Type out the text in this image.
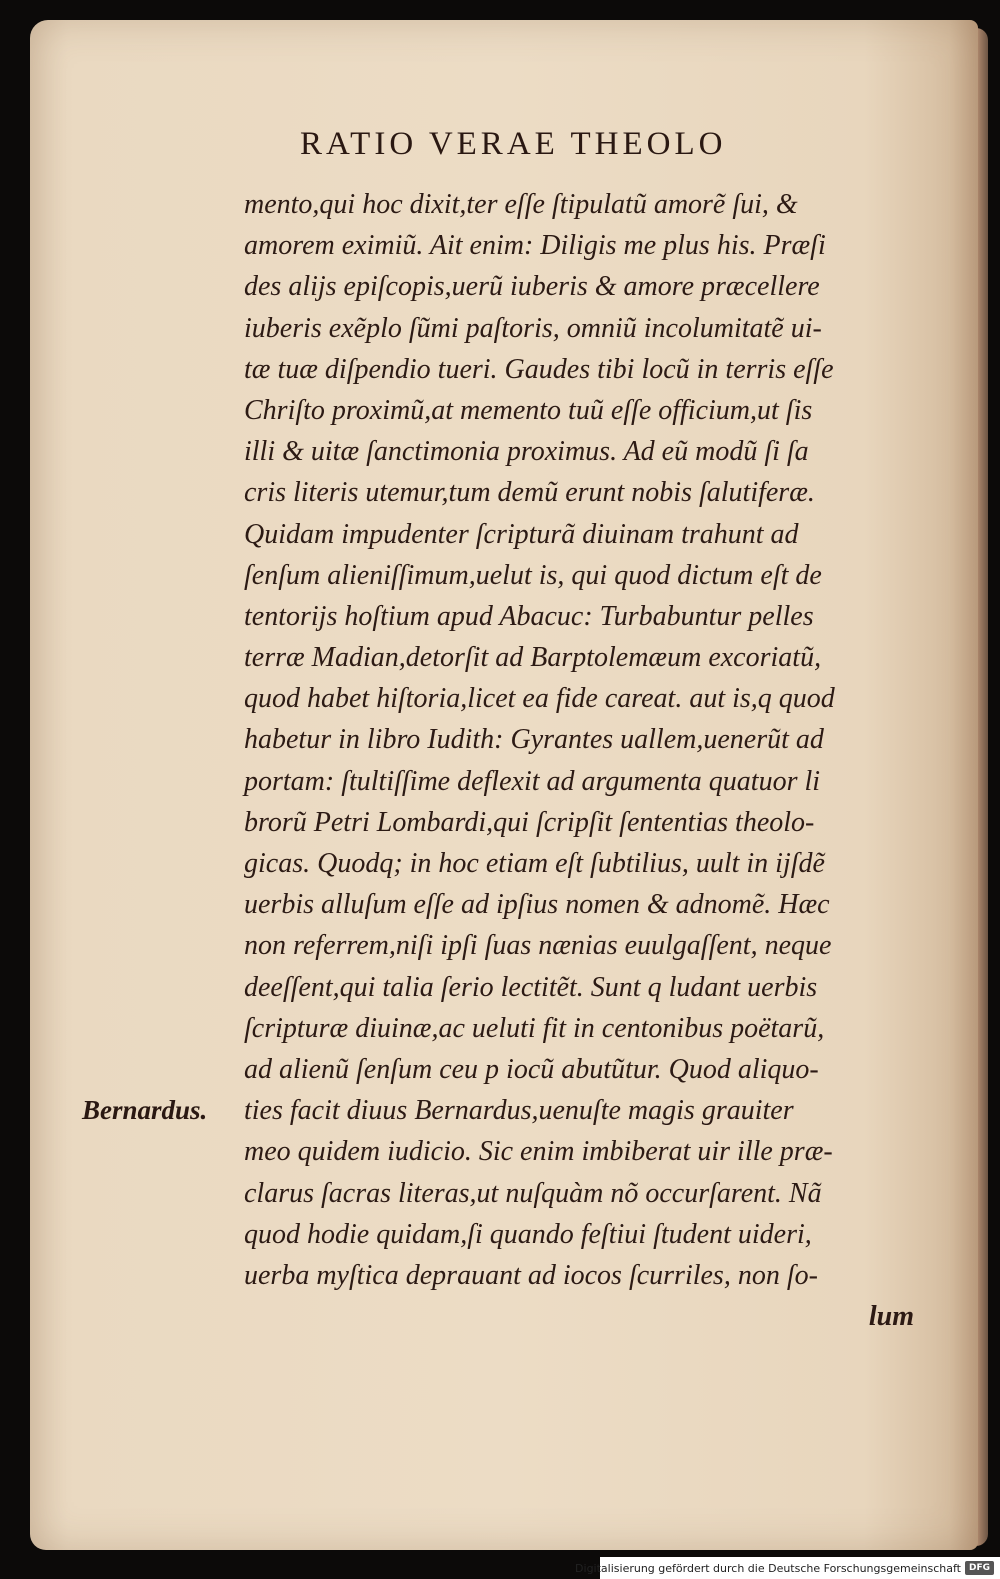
RATIO VERAE THEOLO
mento,qui hoc dixit,ter eſſe ſtipulatũ amorẽ ſui, &
amorem eximiũ. Ait enim: Diligis me plus his. Præſi
des alijs epiſcopis,uerũ iuberis & amore præcellere
iuberis exẽplo ſũmi paſtoris, omniũ incolumitatẽ ui-
tæ tuæ diſpendio tueri. Gaudes tibi locũ in terris eſſe
Chriſto proximũ,at memento tuũ eſſe officium,ut ſis
illi & uitæ ſanctimonia proximus. Ad eũ modũ ſi ſa
cris literis utemur,tum demũ erunt nobis ſalutiferæ.
Quidam impudenter ſcripturã diuinam trahunt ad
ſenſum alieniſſimum,uelut is, qui quod dictum eſt de
tentorijs hoſtium apud Abacuc: Turbabuntur pelles
terræ Madian,detorſit ad Barptolemæum excoriatũ,
quod habet hiſtoria,licet ea fide careat. aut is,q quod
habetur in libro Iudith: Gyrantes uallem,uenerũt ad
portam: ſtultiſſime deflexit ad argumenta quatuor li
brorũ Petri Lombardi,qui ſcripſit ſententias theolo-
gicas. Quodq; in hoc etiam eſt ſubtilius, uult in ijſdẽ
uerbis alluſum eſſe ad ipſius nomen & adnomẽ. Hæc
non referrem,niſi ipſi ſuas nænias euulgaſſent, neque
deeſſent,qui talia ſerio lectitẽt. Sunt q ludant uerbis
ſcripturæ diuinæ,ac ueluti fit in centonibus poëtarũ,
ad alienũ ſenſum ceu p iocũ abutũtur. Quod aliquo-
ties facit diuus Bernardus,uenuſte magis grauiter
meo quidem iudicio. Sic enim imbiberat uir ille præ-
clarus ſacras literas,ut nuſquàm nõ occurſarent. Nã
quod hodie quidam,ſi quando feſtiui ſtudent uideri,
uerba myſtica deprauant ad iocos ſcurriles, non ſo-
lum
Bernardus.
Digitalisierung gefördert durch die Deutsche Forschungsgemeinschaft DFG
